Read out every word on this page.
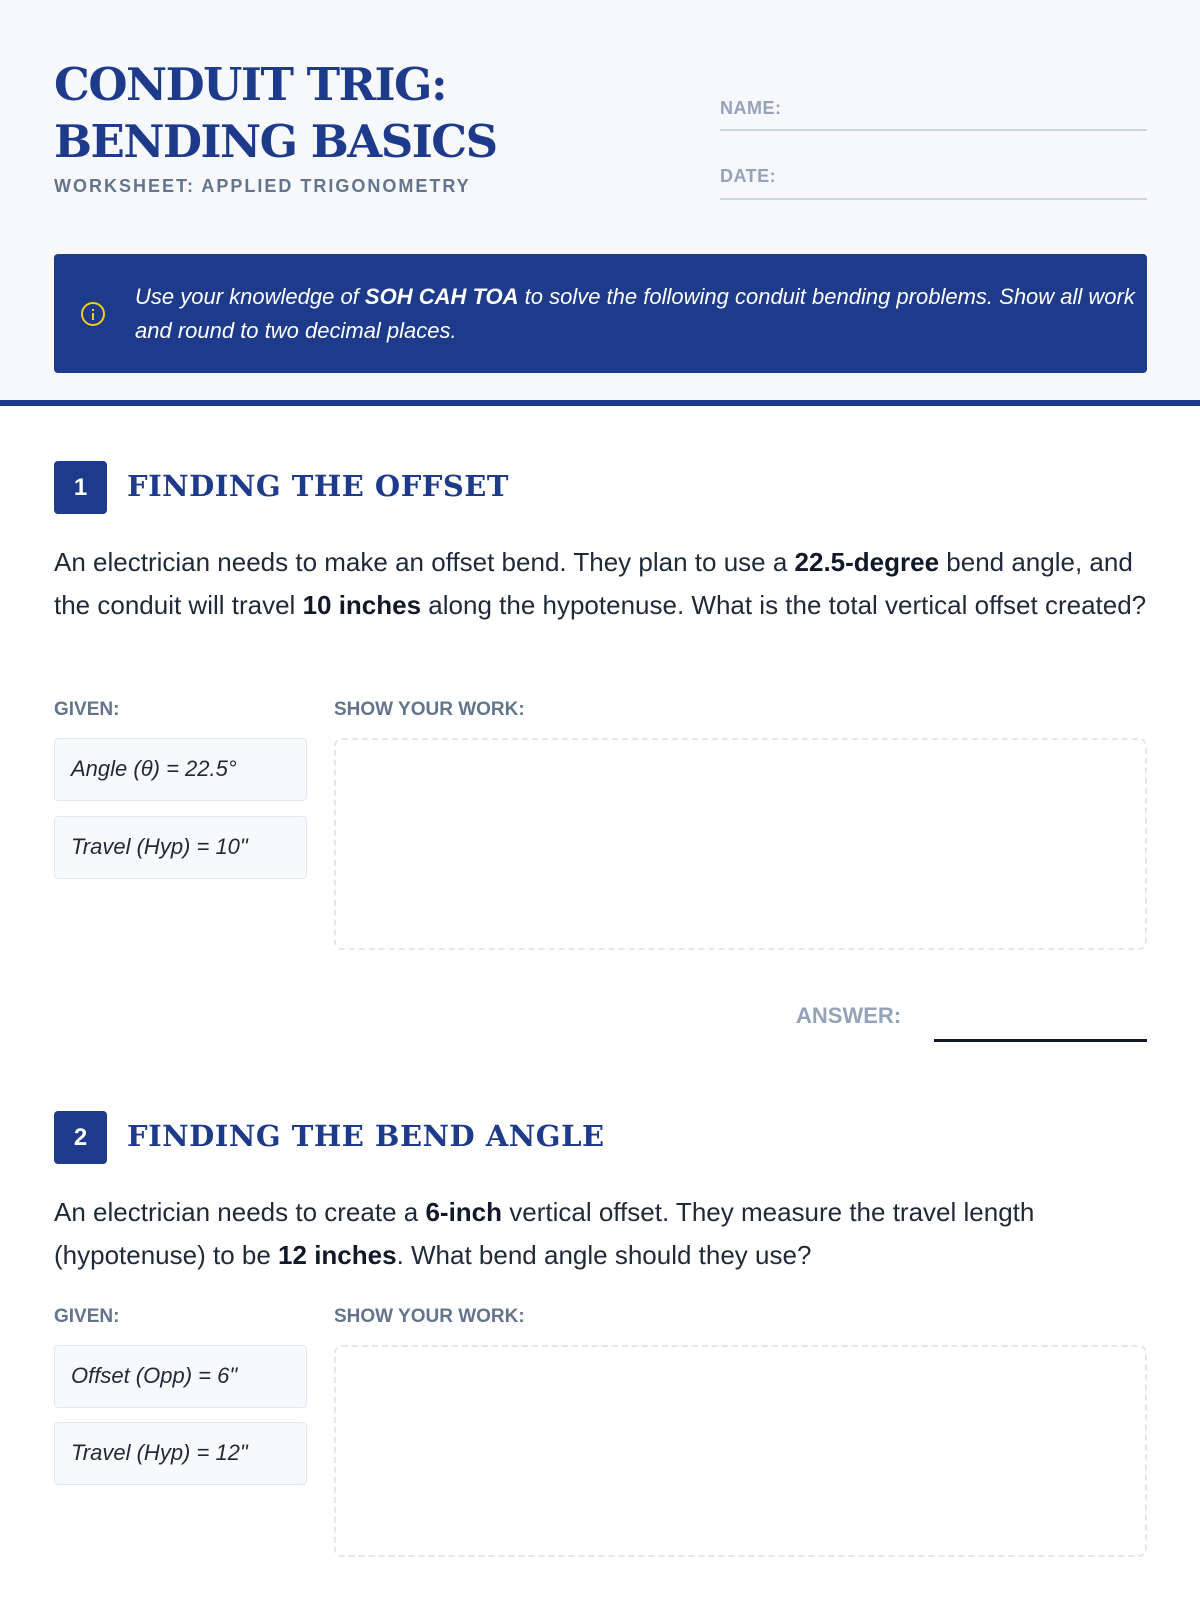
CONDUIT TRIG: BENDING BASICS
WORKSHEET: APPLIED TRIGONOMETRY
NAME:
DATE:
Use your knowledge of SOH CAH TOA to solve the following conduit bending problems. Show all work and round to two decimal places.
1	FINDING THE OFFSET
An electrician needs to make an offset bend. They plan to use a 22.5-degree bend angle, and the conduit will travel 10 inches along the hypotenuse. What is the total vertical offset created?
GIVEN:	SHOW YOUR WORK:
Angle (θ) = 22.5°
Travel (Hyp) = 10"
ANSWER:
2	FINDING THE BEND ANGLE
An electrician needs to create a 6-inch vertical offset. They measure the travel length (hypotenuse) to be 12 inches. What bend angle should they use?
GIVEN:	SHOW YOUR WORK:
Offset (Opp) = 6"
Travel (Hyp) = 12"
